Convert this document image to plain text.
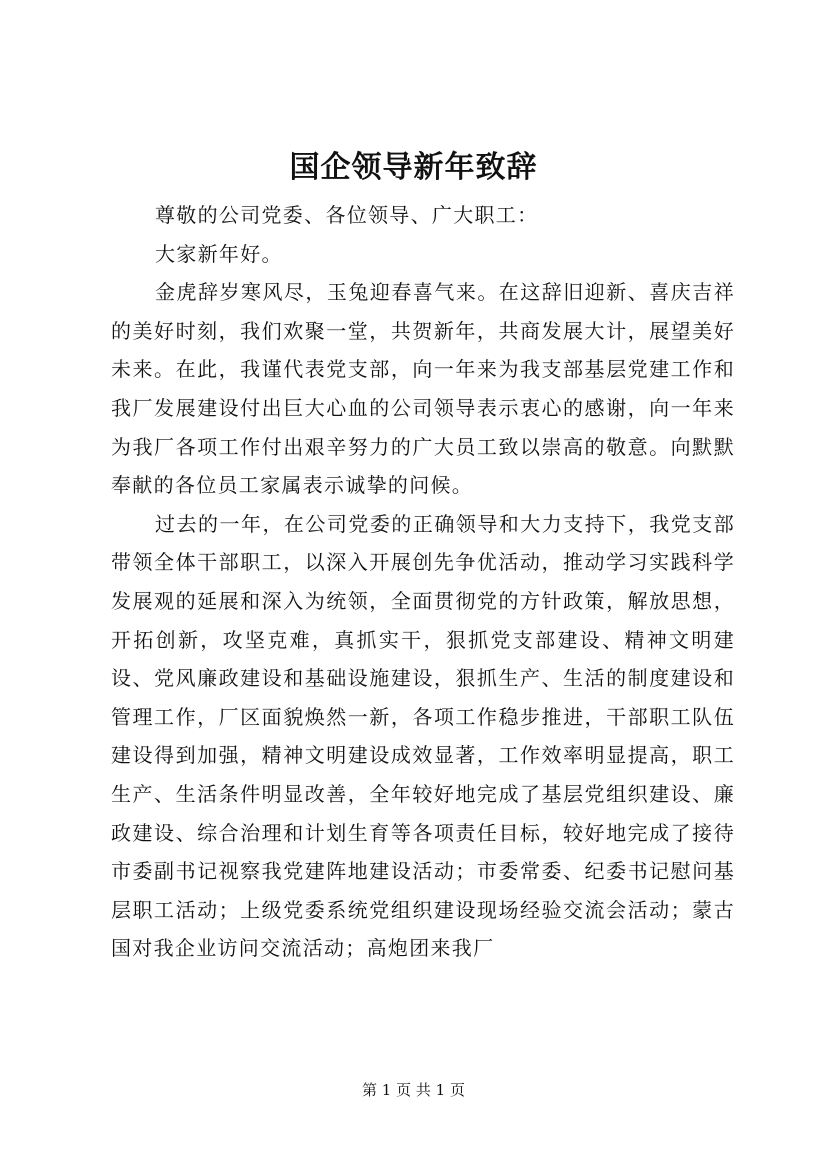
国企领导新年致辞

尊敬的公司党委、各位领导、广大职工：

大家新年好。

金虎辞岁寒风尽，玉兔迎春喜气来。在这辞旧迎新、喜庆吉祥的美好时刻，我们欢聚一堂，共贺新年，共商发展大计，展望美好未来。在此，我谨代表党支部，向一年来为我支部基层党建工作和我厂发展建设付出巨大心血的公司领导表示衷心的感谢，向一年来为我厂各项工作付出艰辛努力的广大员工致以崇高的敬意。向默默奉献的各位员工家属表示诚挚的问候。

过去的一年，在公司党委的正确领导和大力支持下，我党支部带领全体干部职工，以深入开展创先争优活动，推动学习实践科学发展观的延展和深入为统领，全面贯彻党的方针政策，解放思想，开拓创新，攻坚克难，真抓实干，狠抓党支部建设、精神文明建设、党风廉政建设和基础设施建设，狠抓生产、生活的制度建设和管理工作，厂区面貌焕然一新，各项工作稳步推进，干部职工队伍建设得到加强，精神文明建设成效显著，工作效率明显提高，职工生产、生活条件明显改善，全年较好地完成了基层党组织建设、廉政建设、综合治理和计划生育等各项责任目标，较好地完成了接待市委副书记视察我党建阵地建设活动；市委常委、纪委书记慰问基层职工活动；上级党委系统党组织建设现场经验交流会活动；蒙古国对我企业访问交流活动；高炮团来我厂

第 1 页 共 1 页
